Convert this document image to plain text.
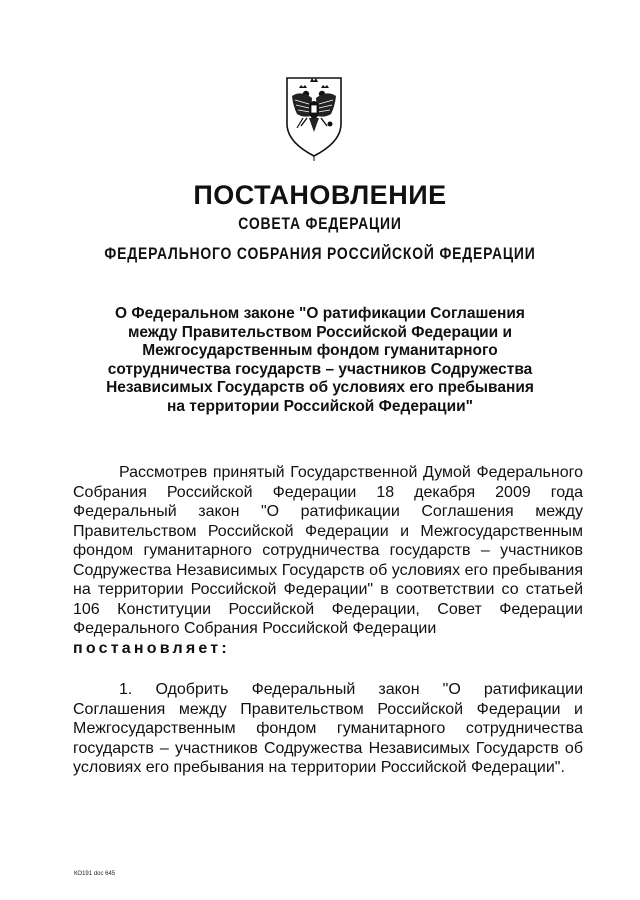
ПОСТАНОВЛЕНИЕ
СОВЕТА ФЕДЕРАЦИИ
ФЕДЕРАЛЬНОГО СОБРАНИЯ РОССИЙСКОЙ ФЕДЕРАЦИИ
О Федеральном законе "О ратификации Соглашения
между Правительством Российской Федерации и
Межгосударственным фондом гуманитарного
сотрудничества государств – участников Содружества
Независимых Государств об условиях его пребывания
на территории Российской Федерации"

Рассмотрев принятый Государственной Думой Федерального Собрания Российской Федерации 18 декабря 2009 года Федеральный закон "О ратификации Соглашения между Правительством Российской Федерации и Межгосударственным фондом гуманитарного сотрудничества государств – участников Содружества Независимых Государств об условиях его пребывания на территории Российской Федерации" в соответствии со статьей 106 Конституции Российской Федерации, Совет Федерации Федерального Собрания Российской Федерации
постановляет:

1. Одобрить Федеральный закон "О ратификации Соглашения между Правительством Российской Федерации и Межгосударственным фондом гуманитарного сотрудничества государств – участников Содружества Независимых Государств об условиях его пребывания на территории Российской Федерации".

КО191 doc 645
